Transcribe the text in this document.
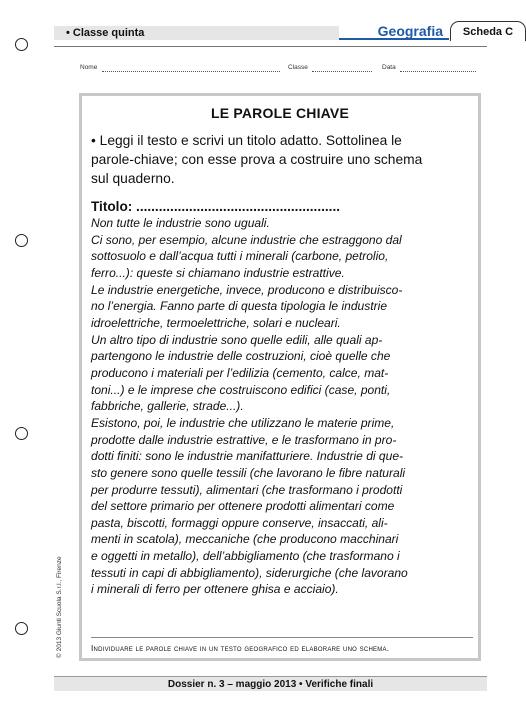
• Classe quinta	Geografia	Scheda C
Nome	Classe	Data
LE PAROLE CHIAVE
• Leggi il testo e scrivi un titolo adatto. Sottolinea le
parole-chiave; con esse prova a costruire uno schema
sul quaderno.
Titolo: ......................................................
Non tutte le industrie sono uguali.
Ci sono, per esempio, alcune industrie che estraggono dal
sottosuolo e dall’acqua tutti i minerali (carbone, petrolio,
ferro...): queste si chiamano industrie estrattive.
Le industrie energetiche, invece, producono e distribuisco-
no l’energia. Fanno parte di questa tipologia le industrie
idroelettriche, termoelettriche, solari e nucleari.
Un altro tipo di industrie sono quelle edili, alle quali ap-
partengono le industrie delle costruzioni, cioè quelle che
producono i materiali per l’edilizia (cemento, calce, mat-
toni...) e le imprese che costruiscono edifici (case, ponti,
fabbriche, gallerie, strade...).
Esistono, poi, le industrie che utilizzano le materie prime,
prodotte dalle industrie estrattive, e le trasformano in pro-
dotti finiti: sono le industrie manifatturiere. Industrie di que-
sto genere sono quelle tessili (che lavorano le fibre naturali
per produrre tessuti), alimentari (che trasformano i prodotti
del settore primario per ottenere prodotti alimentari come
pasta, biscotti, formaggi oppure conserve, insaccati, ali-
menti in scatola), meccaniche (che producono macchinari
e oggetti in metallo), dell’abbigliamento (che trasformano i
tessuti in capi di abbigliamento), siderurgiche (che lavorano
i minerali di ferro per ottenere ghisa e acciaio).
Individuare le parole chiave in un testo geografico ed elaborare uno schema.
© 2013 Giunti Scuola S.r.l., Firenze
Dossier n. 3 – maggio 2013 • Verifiche finali
